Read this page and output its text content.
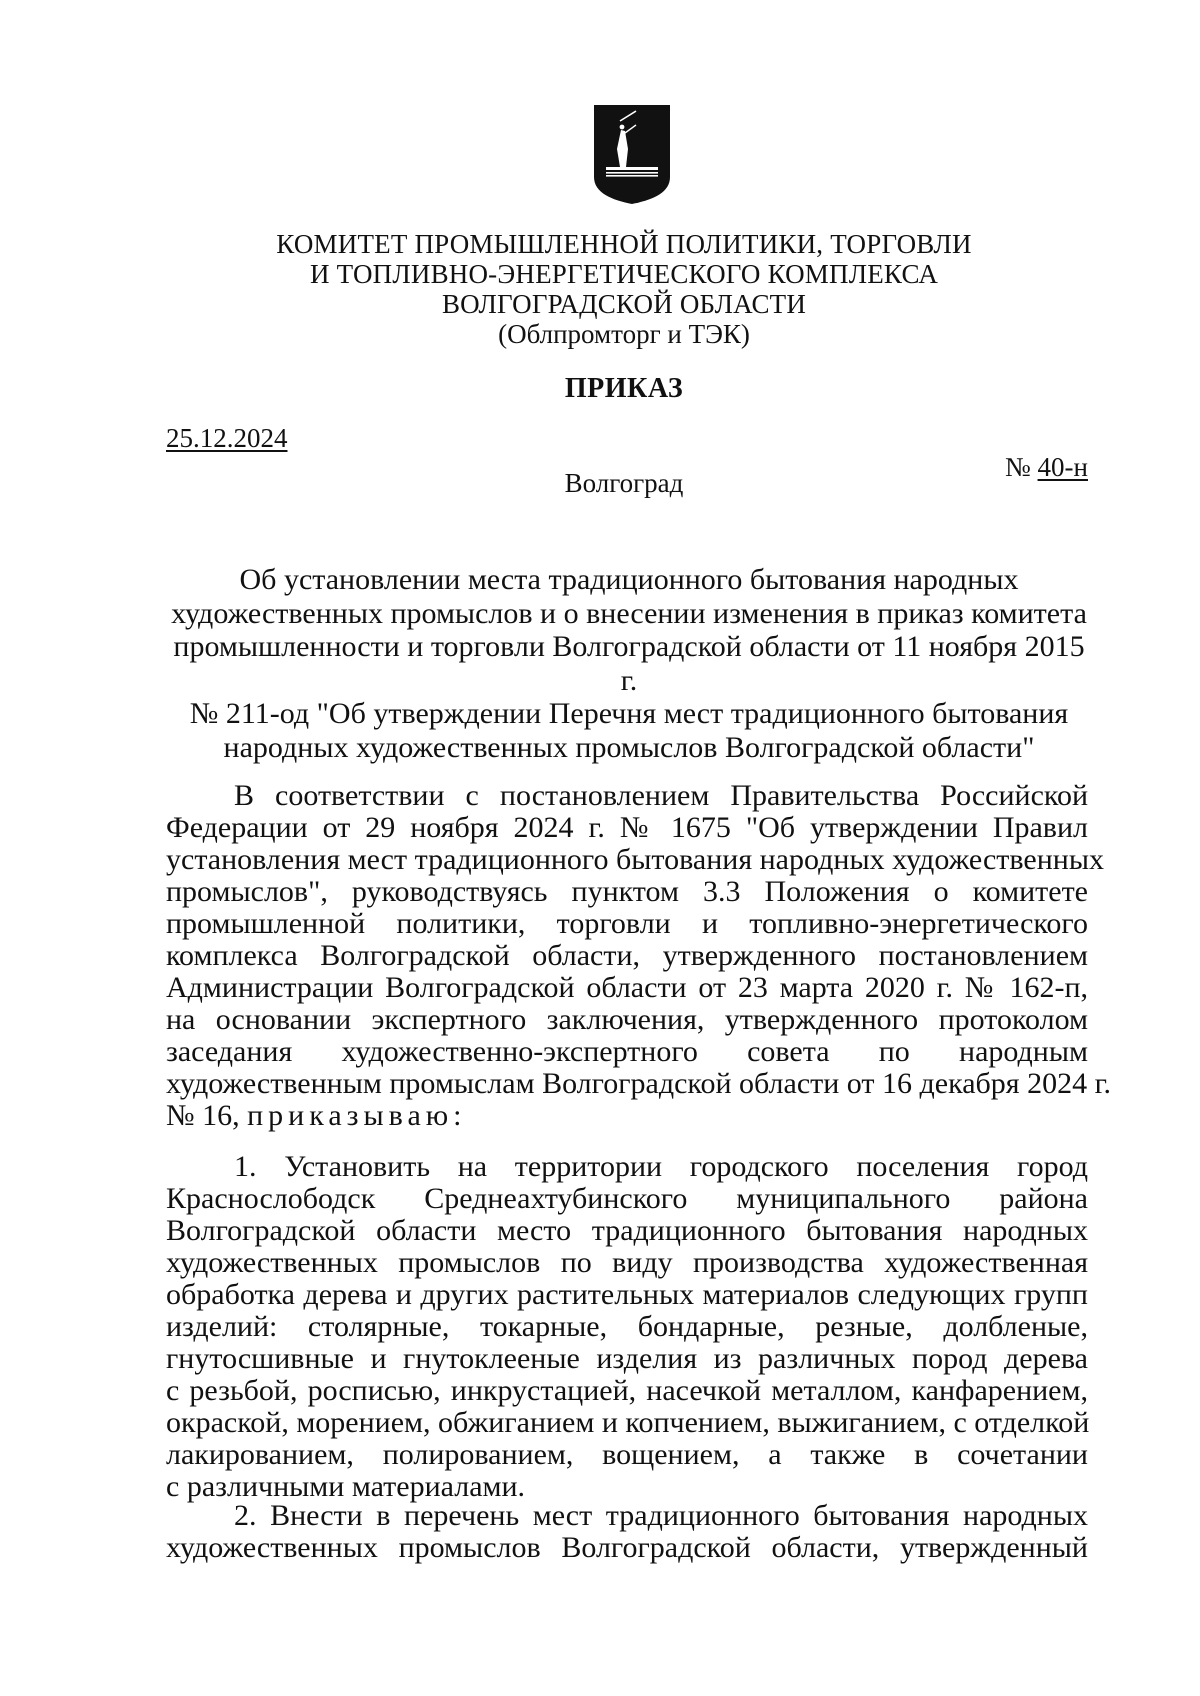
КОМИТЕТ ПРОМЫШЛЕННОЙ ПОЛИТИКИ, ТОРГОВЛИ
И ТОПЛИВНО-ЭНЕРГЕТИЧЕСКОГО КОМПЛЕКСА
ВОЛГОГРАДСКОЙ ОБЛАСТИ
(Облпромторг и ТЭК)
ПРИКАЗ
25.12.2024
№ 40-н
Волгоград
Об установлении места традиционного бытования народных
художественных промыслов и о внесении изменения в приказ комитета
промышленности и торговли Волгоградской области от 11 ноября 2015 г.
№ 211-од "Об утверждении Перечня мест традиционного бытования
народных художественных промыслов Волгоградской области"
В соответствии с постановлением Правительства Российской
Федерации от 29 ноября 2024 г. № 1675 "Об утверждении Правил
установления мест традиционного бытования народных художественных
промыслов", руководствуясь пунктом 3.3 Положения о комитете
промышленной политики, торговли и топливно-энергетического
комплекса Волгоградской области, утвержденного постановлением
Администрации Волгоградской области от 23 марта 2020 г. № 162-п,
на основании экспертного заключения, утвержденного протоколом
заседания художественно-экспертного совета по народным
художественным промыслам Волгоградской области от 16 декабря 2024 г.
№ 16, приказываю:
1. Установить на территории городского поселения город
Краснослободск Среднеахтубинского муниципального района
Волгоградской области место традиционного бытования народных
художественных промыслов по виду производства художественная
обработка дерева и других растительных материалов следующих групп
изделий: столярные, токарные, бондарные, резные, долбленые,
гнутосшивные и гнутоклееные изделия из различных пород дерева
с резьбой, росписью, инкрустацией, насечкой металлом, канфарением,
окраской, морением, обжиганием и копчением, выжиганием, с отделкой
лакированием, полированием, вощением, а также в сочетании
с различными материалами.
2. Внести в перечень мест традиционного бытования народных
художественных промыслов Волгоградской области, утвержденный
